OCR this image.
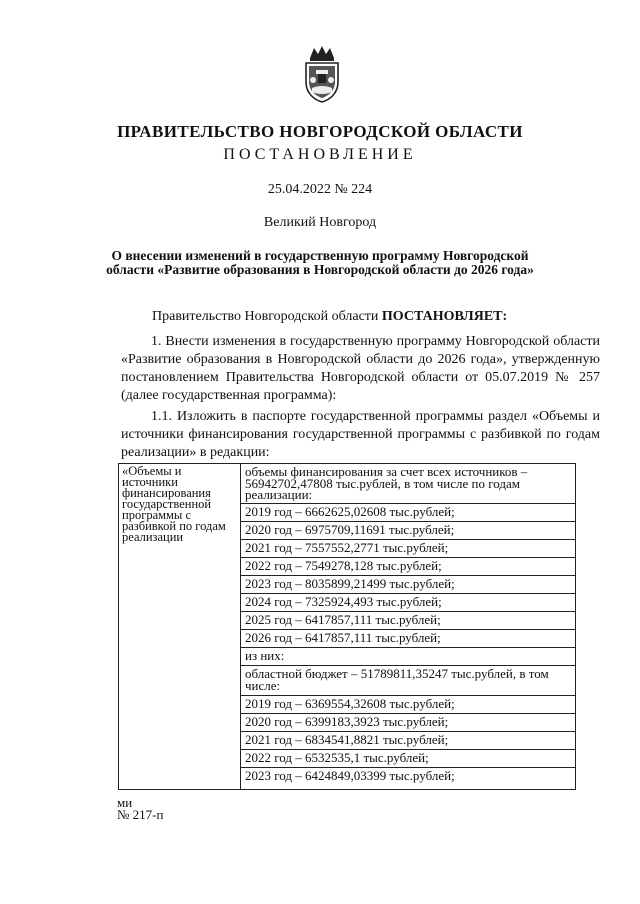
ПРАВИТЕЛЬСТВО НОВГОРОДСКОЙ ОБЛАСТИ
ПОСТАНОВЛЕНИЕ
25.04.2022 № 224
Великий Новгород
О внесении изменений в государственную программу Новгородской
области «Развитие образования в Новгородской области до 2026 года»
Правительство Новгородской области ПОСТАНОВЛЯЕТ:
1. Внести изменения в государственную программу Новгородской области «Развитие образования в Новгородской области до 2026 года», утвержденную постановлением Правительства Новгородской области от 05.07.2019 № 257 (далее государственная программа):
1.1. Изложить в паспорте государственной программы раздел «Объемы и источники финансирования государственной программы с разбивкой по годам реализации» в редакции:
«Объемы и источники финансирования государственной программы с разбивкой по годам реализации
объемы финансирования за счет всех источников – 56942702,47808 тыс.рублей, в том числе по годам реализации:
2019 год – 6662625,02608 тыс.рублей;
2020 год – 6975709,11691 тыс.рублей;
2021 год – 7557552,2771 тыс.рублей;
2022 год – 7549278,128 тыс.рублей;
2023 год – 8035899,21499 тыс.рублей;
2024 год – 7325924,493 тыс.рублей;
2025 год – 6417857,111 тыс.рублей;
2026 год – 6417857,111 тыс.рублей;
из них:
областной бюджет – 51789811,35247 тыс.рублей, в том числе:
2019 год – 6369554,32608 тыс.рублей;
2020 год – 6399183,3923 тыс.рублей;
2021 год – 6834541,8821 тыс.рублей;
2022 год – 6532535,1 тыс.рублей;
2023 год – 6424849,03399 тыс.рублей;
ми
№ 217-п
